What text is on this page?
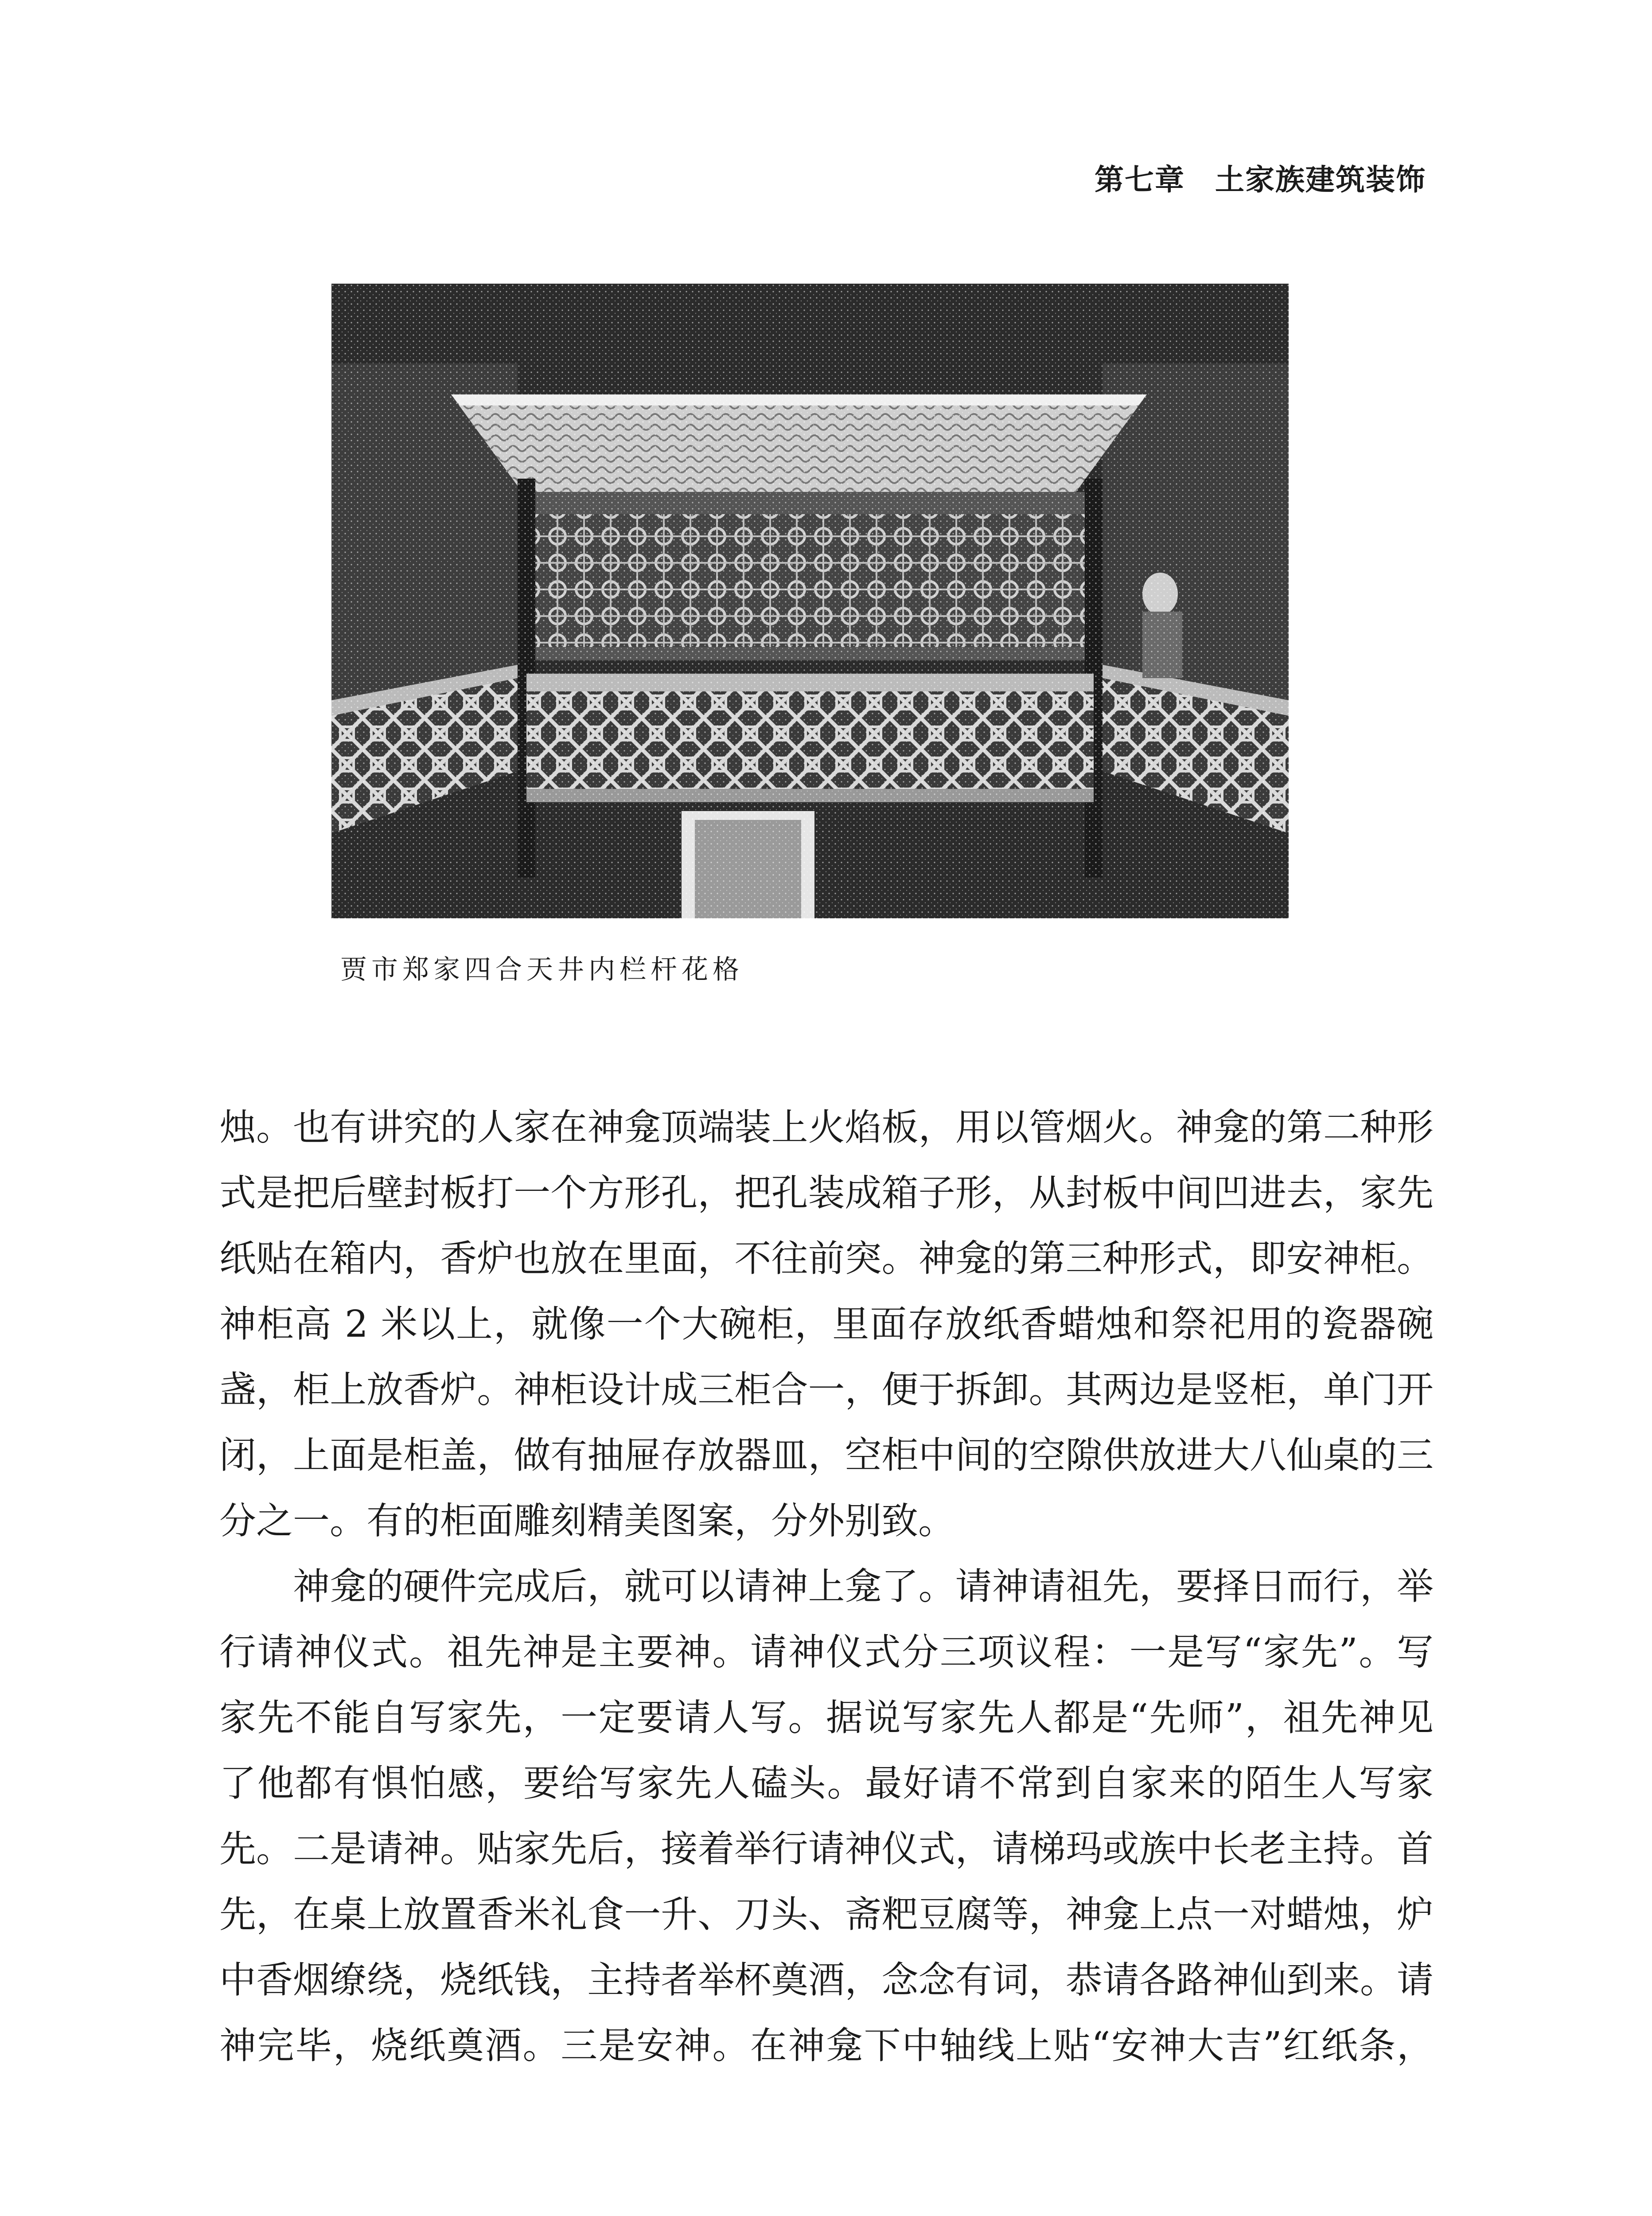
第七章　土家族建筑装饰
贾市郑家四合天井内栏杆花格
烛。也有讲究的人家在神龛顶端装上火焰板，用以管烟火。神龛的第二种形
式是把后壁封板打一个方形孔，把孔装成箱子形，从封板中间凹进去，家先
纸贴在箱内，香炉也放在里面，不往前突。神龛的第三种形式，即安神柜。
神柜高 2 米以上，就像一个大碗柜，里面存放纸香蜡烛和祭祀用的瓷器碗
盏，柜上放香炉。神柜设计成三柜合一，便于拆卸。其两边是竖柜，单门开
闭，上面是柜盖，做有抽屉存放器皿，空柜中间的空隙供放进大八仙桌的三
分之一。有的柜面雕刻精美图案，分外别致。
　　神龛的硬件完成后，就可以请神上龛了。请神请祖先，要择日而行，举
行请神仪式。祖先神是主要神。请神仪式分三项议程：一是写“家先”。写
家先不能自写家先，一定要请人写。据说写家先人都是“先师”，祖先神见
了他都有惧怕感，要给写家先人磕头。最好请不常到自家来的陌生人写家
先。二是请神。贴家先后，接着举行请神仪式，请梯玛或族中长老主持。首
先，在桌上放置香米礼食一升、刀头、斋粑豆腐等，神龛上点一对蜡烛，炉
中香烟缭绕，烧纸钱，主持者举杯奠酒，念念有词，恭请各路神仙到来。请
神完毕，烧纸奠酒。三是安神。在神龛下中轴线上贴“安神大吉”红纸条，
